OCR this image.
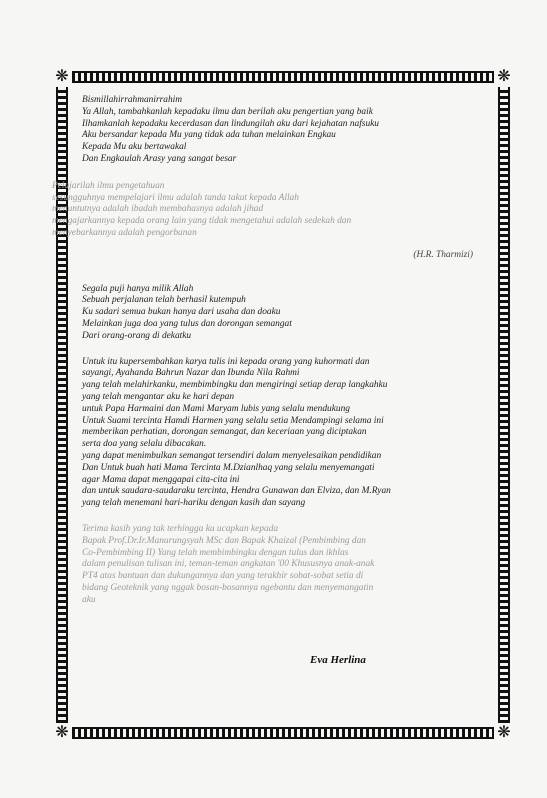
❋	❋
❋	❋

Bismillahirrahmanirrahim

Ya Allah, tambahkanlah kepadaku ilmu dan berilah aku pengertian yang baik

Ilhamkanlah kepadaku kecerdasan dan lindungilah aku dari kejahatan nafsuku

Aku bersandar kepada Mu yang tidak ada tuhan melainkan Engkau

Kepada Mu aku bertawakal

Dan Engkaulah Arasy yang sangat besar

Pelajarilah ilmu pengetahuan

sesungguhnya mempelajari ilmu adalah tanda takut kepada Allah

menuntutnya adalah ibadah membahasnya adalah jihad

mengajarkannya kepada orang lain yang tidak mengetahui adalah sedekah dan

menyebarkannya adalah pengorbanan

(H.R. Tharmizi)

Segala puji hanya milik Allah

Sebuah perjalanan telah berhasil kutempuh

Ku sadari semua bukan hanya dari usaha dan doaku

Melainkan juga doa yang tulus dan dorongan semangat

Dari orang-orang di dekatku

Untuk itu kupersembahkan karya tulis ini kepada orang yang kuhormati dan

sayangi, Ayahanda Bahrun Nazar dan Ibunda Nila Rahmi

yang telah melahirkanku, membimbingku dan mengiringi setiap derap langkahku

yang telah mengantar aku ke hari depan

untuk Papa Harmaini dan Mami Maryam lubis yang selalu mendukung

Untuk Suami tercinta Hamdi Harmen yang selalu setia Mendampingi selama ini

memberikan perhatian, dorongan semangat, dan keceriaan yang diciptakan

serta doa yang selalu dibacakan.

yang dapat menimbulkan semangat tersendiri dalam menyelesaikan pendidikan

Dan Untuk buah hati Mama Tercinta M.Dzianlhaq yang selalu menyemangati

agar Mama dapat menggapai cita-cita ini

dan untuk saudara-saudaraku tercinta, Hendra Gunawan dan Elviza, dan M.Ryan

yang telah menemani hari-hariku dengan kasih dan sayang

Terima kasih yang tak terhingga ku ucapkan kepada

Bapak Prof.Dr.Ir.Manurungsyah MSc dan Bapak Khaizal (Pembimbing dan

Co-Pembimbing II) Yang telah membimbingku dengan tulus dan ikhlas

dalam penulisan tulisan ini, teman-teman angkatan '00 Khususnya anak-anak

PT4 atas bantuan dan dukungannya dan yang terakhir sobat-sobat setia di

bidang Geoteknik yang nggak bosan-bosannya ngebantu dan menyemangatin

aku

Eva Herlina
